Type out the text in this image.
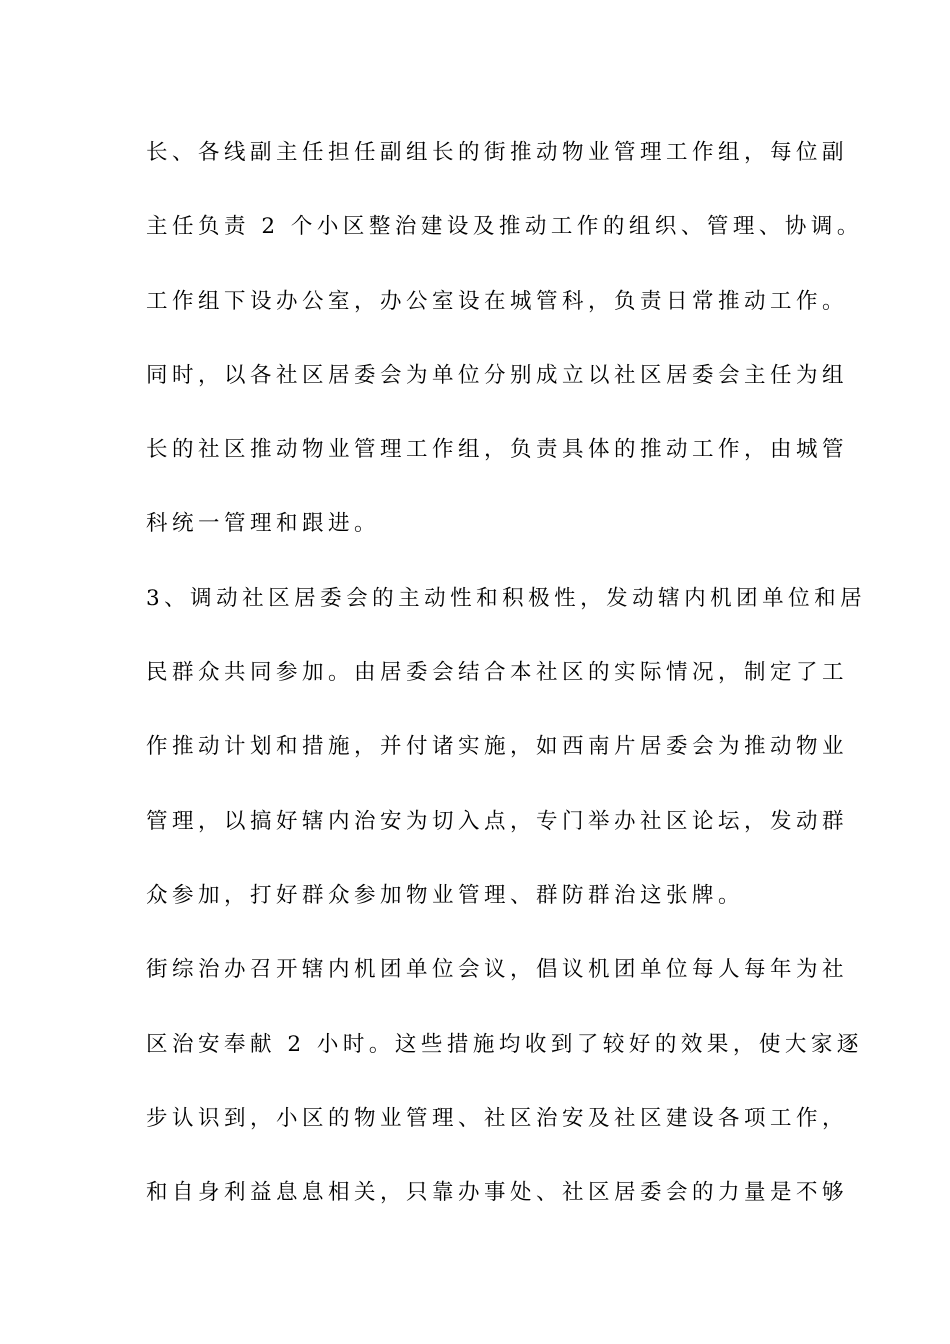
长、各线副主任担任副组长的街推动物业管理工作组，每位副
主任负责 2 个小区整治建设及推动工作的组织、管理、协调。
工作组下设办公室，办公室设在城管科，负责日常推动工作。
同时，以各社区居委会为单位分别成立以社区居委会主任为组
长的社区推动物业管理工作组，负责具体的推动工作，由城管
科统一管理和跟进。
3、调动社区居委会的主动性和积极性，发动辖内机团单位和居
民群众共同参加。由居委会结合本社区的实际情况，制定了工
作推动计划和措施，并付诸实施，如西南片居委会为推动物业
管理，以搞好辖内治安为切入点，专门举办社区论坛，发动群
众参加，打好群众参加物业管理、群防群治这张牌。
街综治办召开辖内机团单位会议，倡议机团单位每人每年为社
区治安奉献 2 小时。这些措施均收到了较好的效果，使大家逐
步认识到，小区的物业管理、社区治安及社区建设各项工作，
和自身利益息息相关，只靠办事处、社区居委会的力量是不够
